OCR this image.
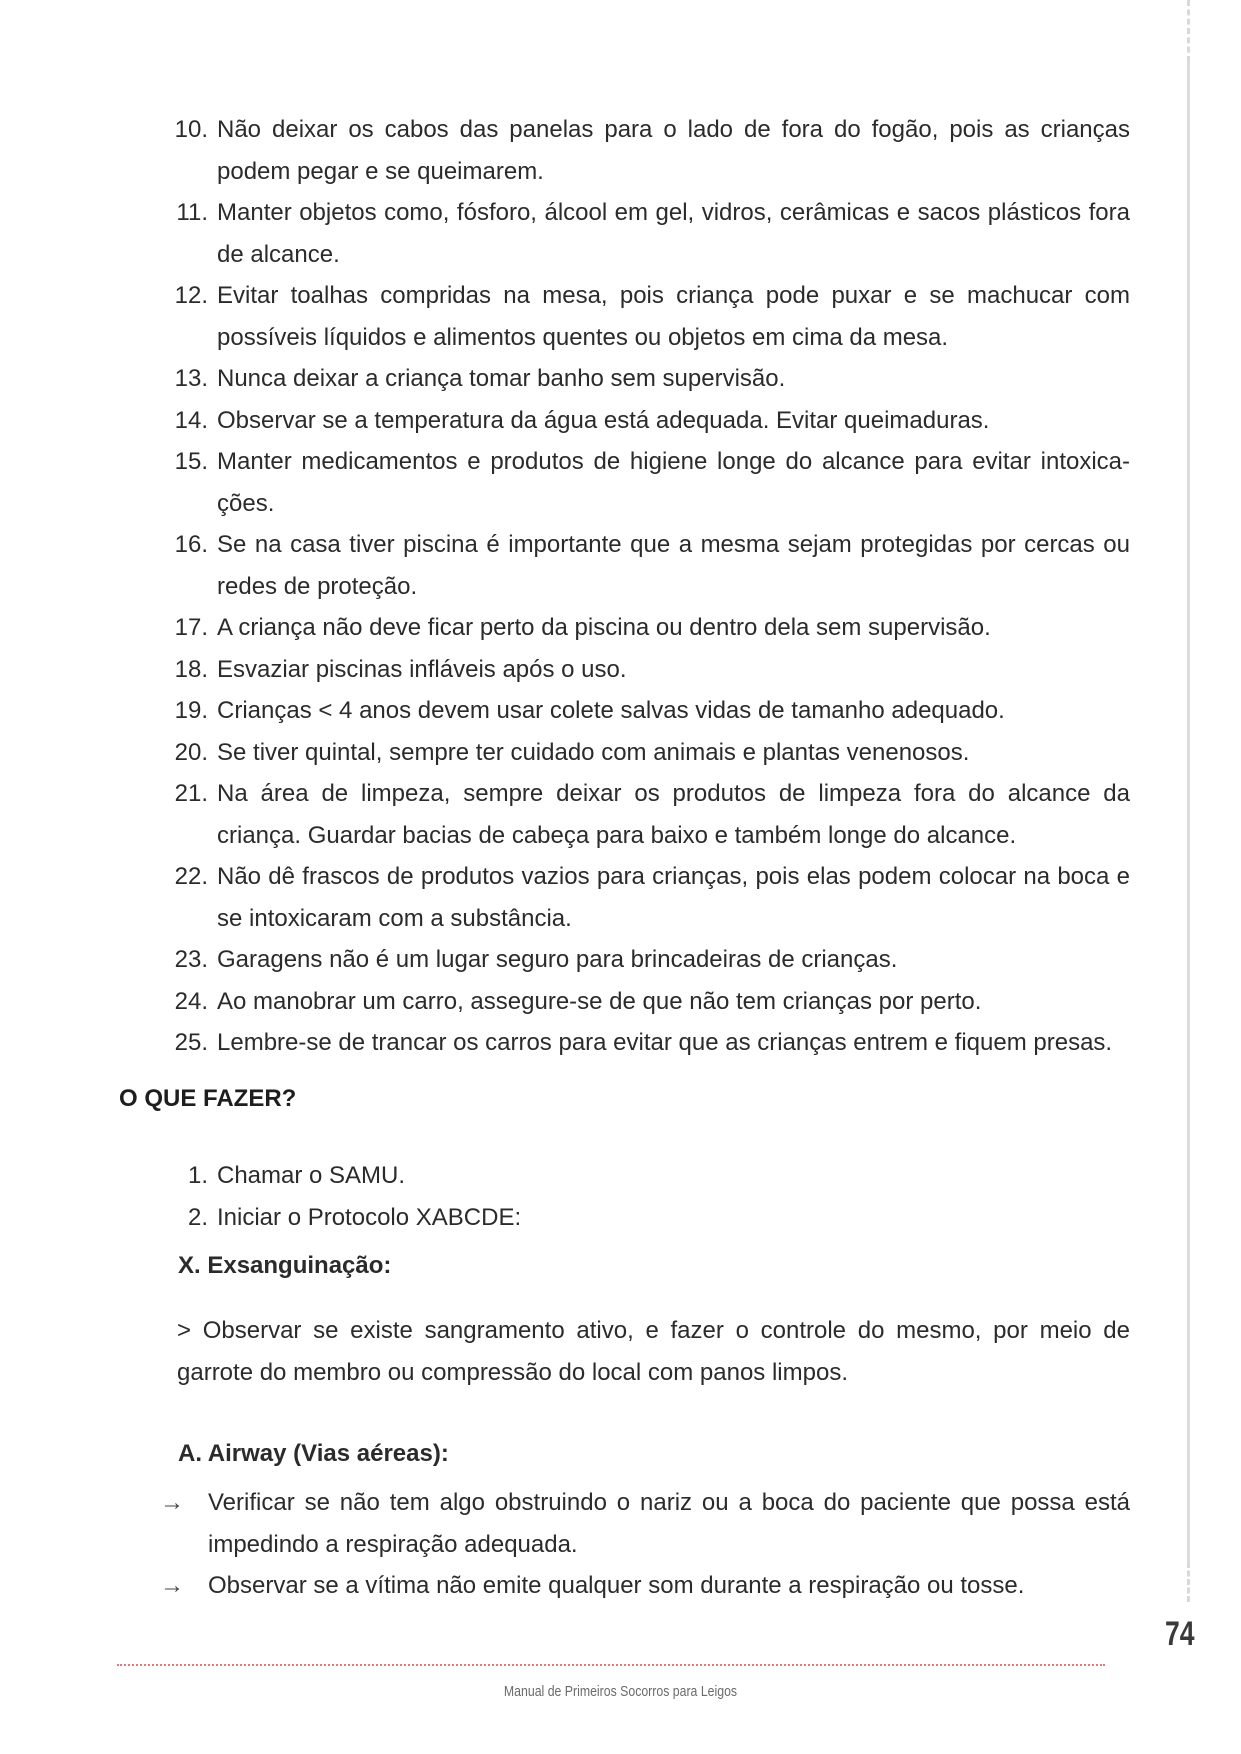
10. Não deixar os cabos das panelas para o lado de fora do fogão, pois as crianças podem pegar e se queimarem.
11. Manter objetos como, fósforo, álcool em gel, vidros, cerâmicas e sacos plásticos fora de alcance.
12. Evitar toalhas compridas na mesa, pois criança pode puxar e se machucar com possíveis líquidos e alimentos quentes ou objetos em cima da mesa.
13. Nunca deixar a criança tomar banho sem supervisão.
14. Observar se a temperatura da água está adequada. Evitar queimaduras.
15. Manter medicamentos e produtos de higiene longe do alcance para evitar intoxica- ções.
16. Se na casa tiver piscina é importante que a mesma sejam protegidas por cercas ou redes de proteção.
17. A criança não deve ficar perto da piscina ou dentro dela sem supervisão.
18. Esvaziar piscinas infláveis após o uso.
19. Crianças < 4 anos devem usar colete salvas vidas de tamanho adequado.
20. Se tiver quintal, sempre ter cuidado com animais e plantas venenosos.
21. Na área de limpeza, sempre deixar os produtos de limpeza fora do alcance da criança. Guardar bacias de cabeça para baixo e também longe do alcance.
22. Não dê frascos de produtos vazios para crianças, pois elas podem colocar na boca e se intoxicaram com a substância.
23. Garagens não é um lugar seguro para brincadeiras de crianças.
24. Ao manobrar um carro, assegure-se de que não tem crianças por perto.
25. Lembre-se de trancar os carros para evitar que as crianças entrem e fiquem presas.
O QUE FAZER?
1. Chamar o SAMU.
2. Iniciar o Protocolo XABCDE:
X. Exsanguinação:
> Observar se existe sangramento ativo, e fazer o controle do mesmo, por meio de garrote do membro ou compressão do local com panos limpos.
A. Airway (Vias aéreas):
→	Verificar se não tem algo obstruindo o nariz ou a boca do paciente que possa está impedindo a respiração adequada.
→	Observar se a vítima não emite qualquer som durante a respiração ou tosse.
74
Manual de Primeiros Socorros para Leigos
